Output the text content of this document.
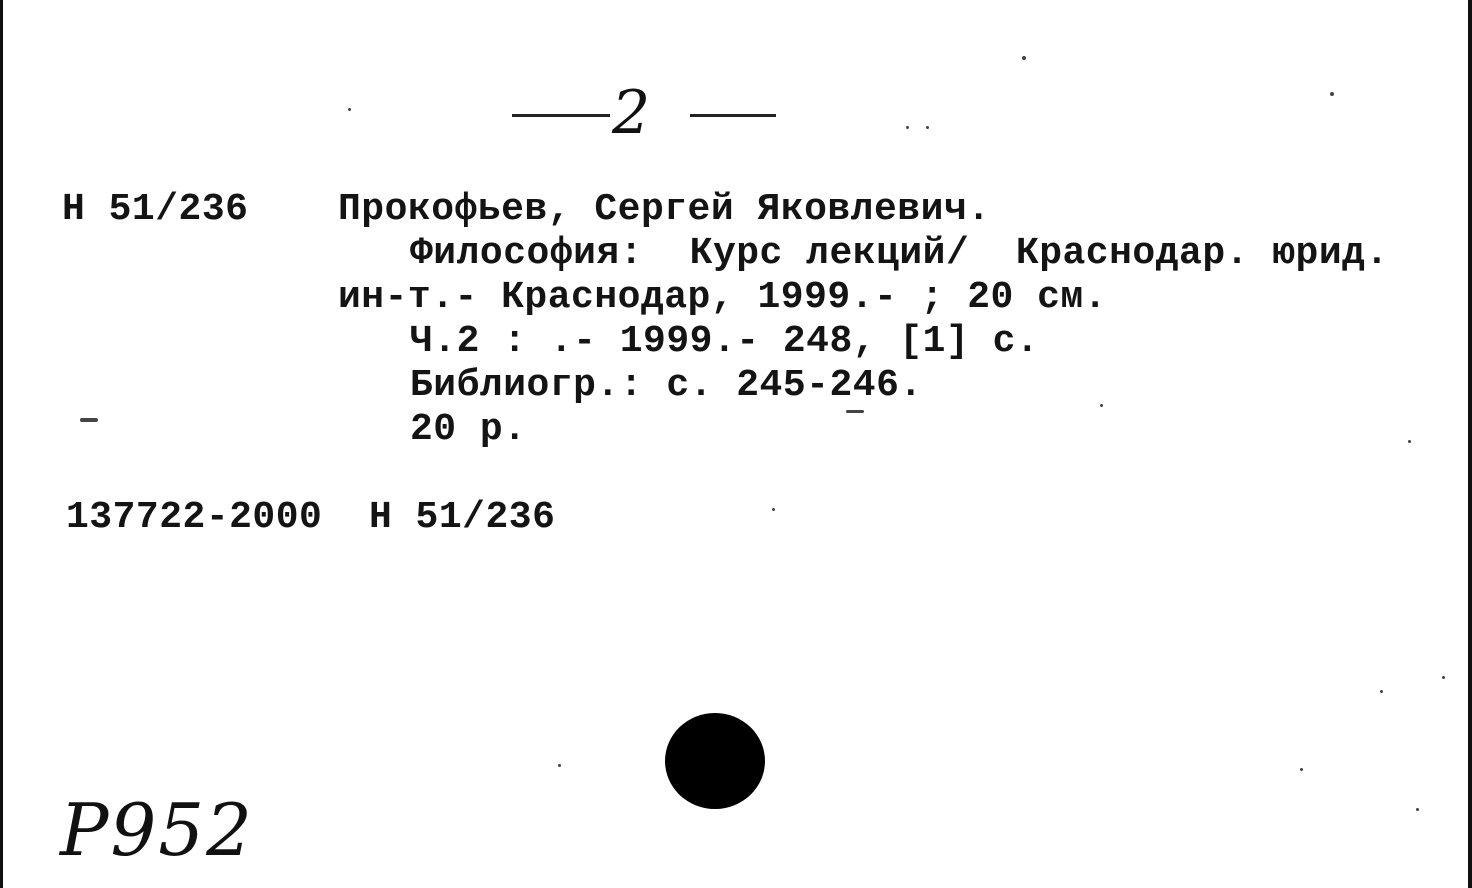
2
Н 51/236 Прокофьев, Сергей Яковлевич.
Философия:  Курс лекций/  Краснодар. юрид.
ин-т.- Краснодар, 1999.- ; 20 см.
Ч.2 : .- 1999.- 248, [1] с.
Библиогр.: с. 245-246.
20 р.
137722-2000  Н 51/236
Р952
